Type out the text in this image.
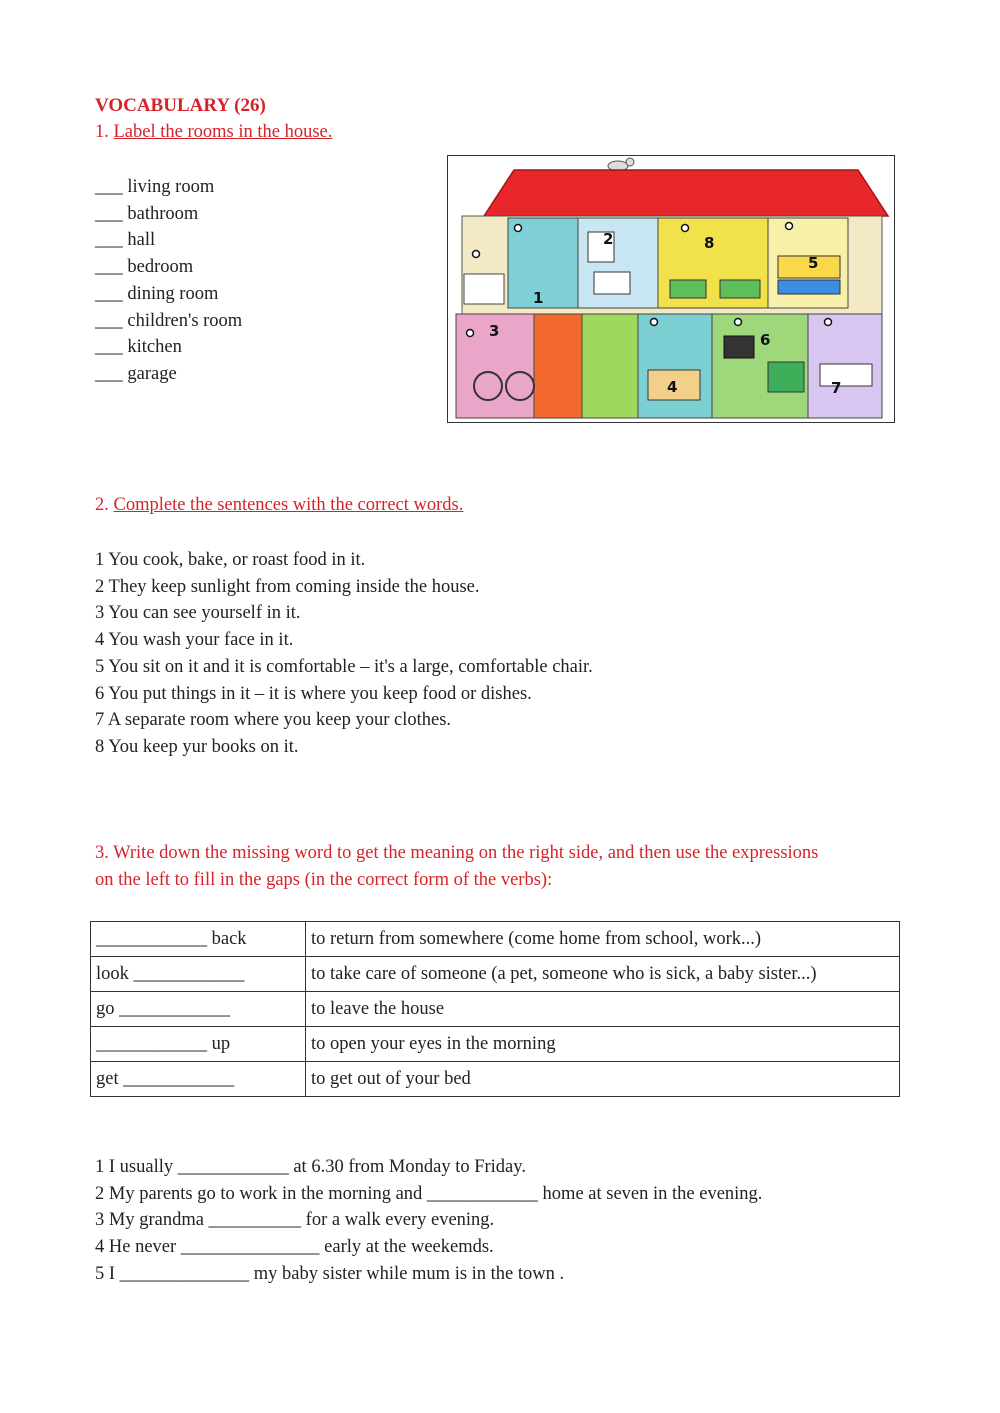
VOCABULARY (26)
1. Label the rooms in the house.
___ living room
___ bathroom
___ hall
___ bedroom
___ dining room
___ children's room
___ kitchen
___ garage
1
2
3
4
5
6
7
8
2. Complete the sentences with the correct words.
1 You cook, bake, or roast food in it.
2 They keep sunlight from coming inside the house.
3 You can see yourself in it.
4 You wash your face in it.
5 You sit on it and it is comfortable – it's a large, comfortable chair.
6 You put things in it – it is where you keep food or dishes.
7 A separate room where you keep your clothes.
8 You keep yur books on it.
3. Write down the missing word to get the meaning on the right side, and then use the expressions
on the left to fill in the gaps (in the correct form of the verbs):
____________ back	to return from somewhere (come home from school, work...)
look ____________	to take care of someone (a pet, someone who is sick, a baby sister...)
go ____________	to leave the house
____________ up	to open your eyes in the morning
get ____________	to get out of your bed
1 I usually ____________ at 6.30 from Monday to Friday.
2 My parents go to work in the morning and ____________ home at seven in the evening.
3 My grandma __________ for a walk every evening.
4 He never _______________ early at the weekemds.
5 I ______________ my baby sister while mum is in the town .
